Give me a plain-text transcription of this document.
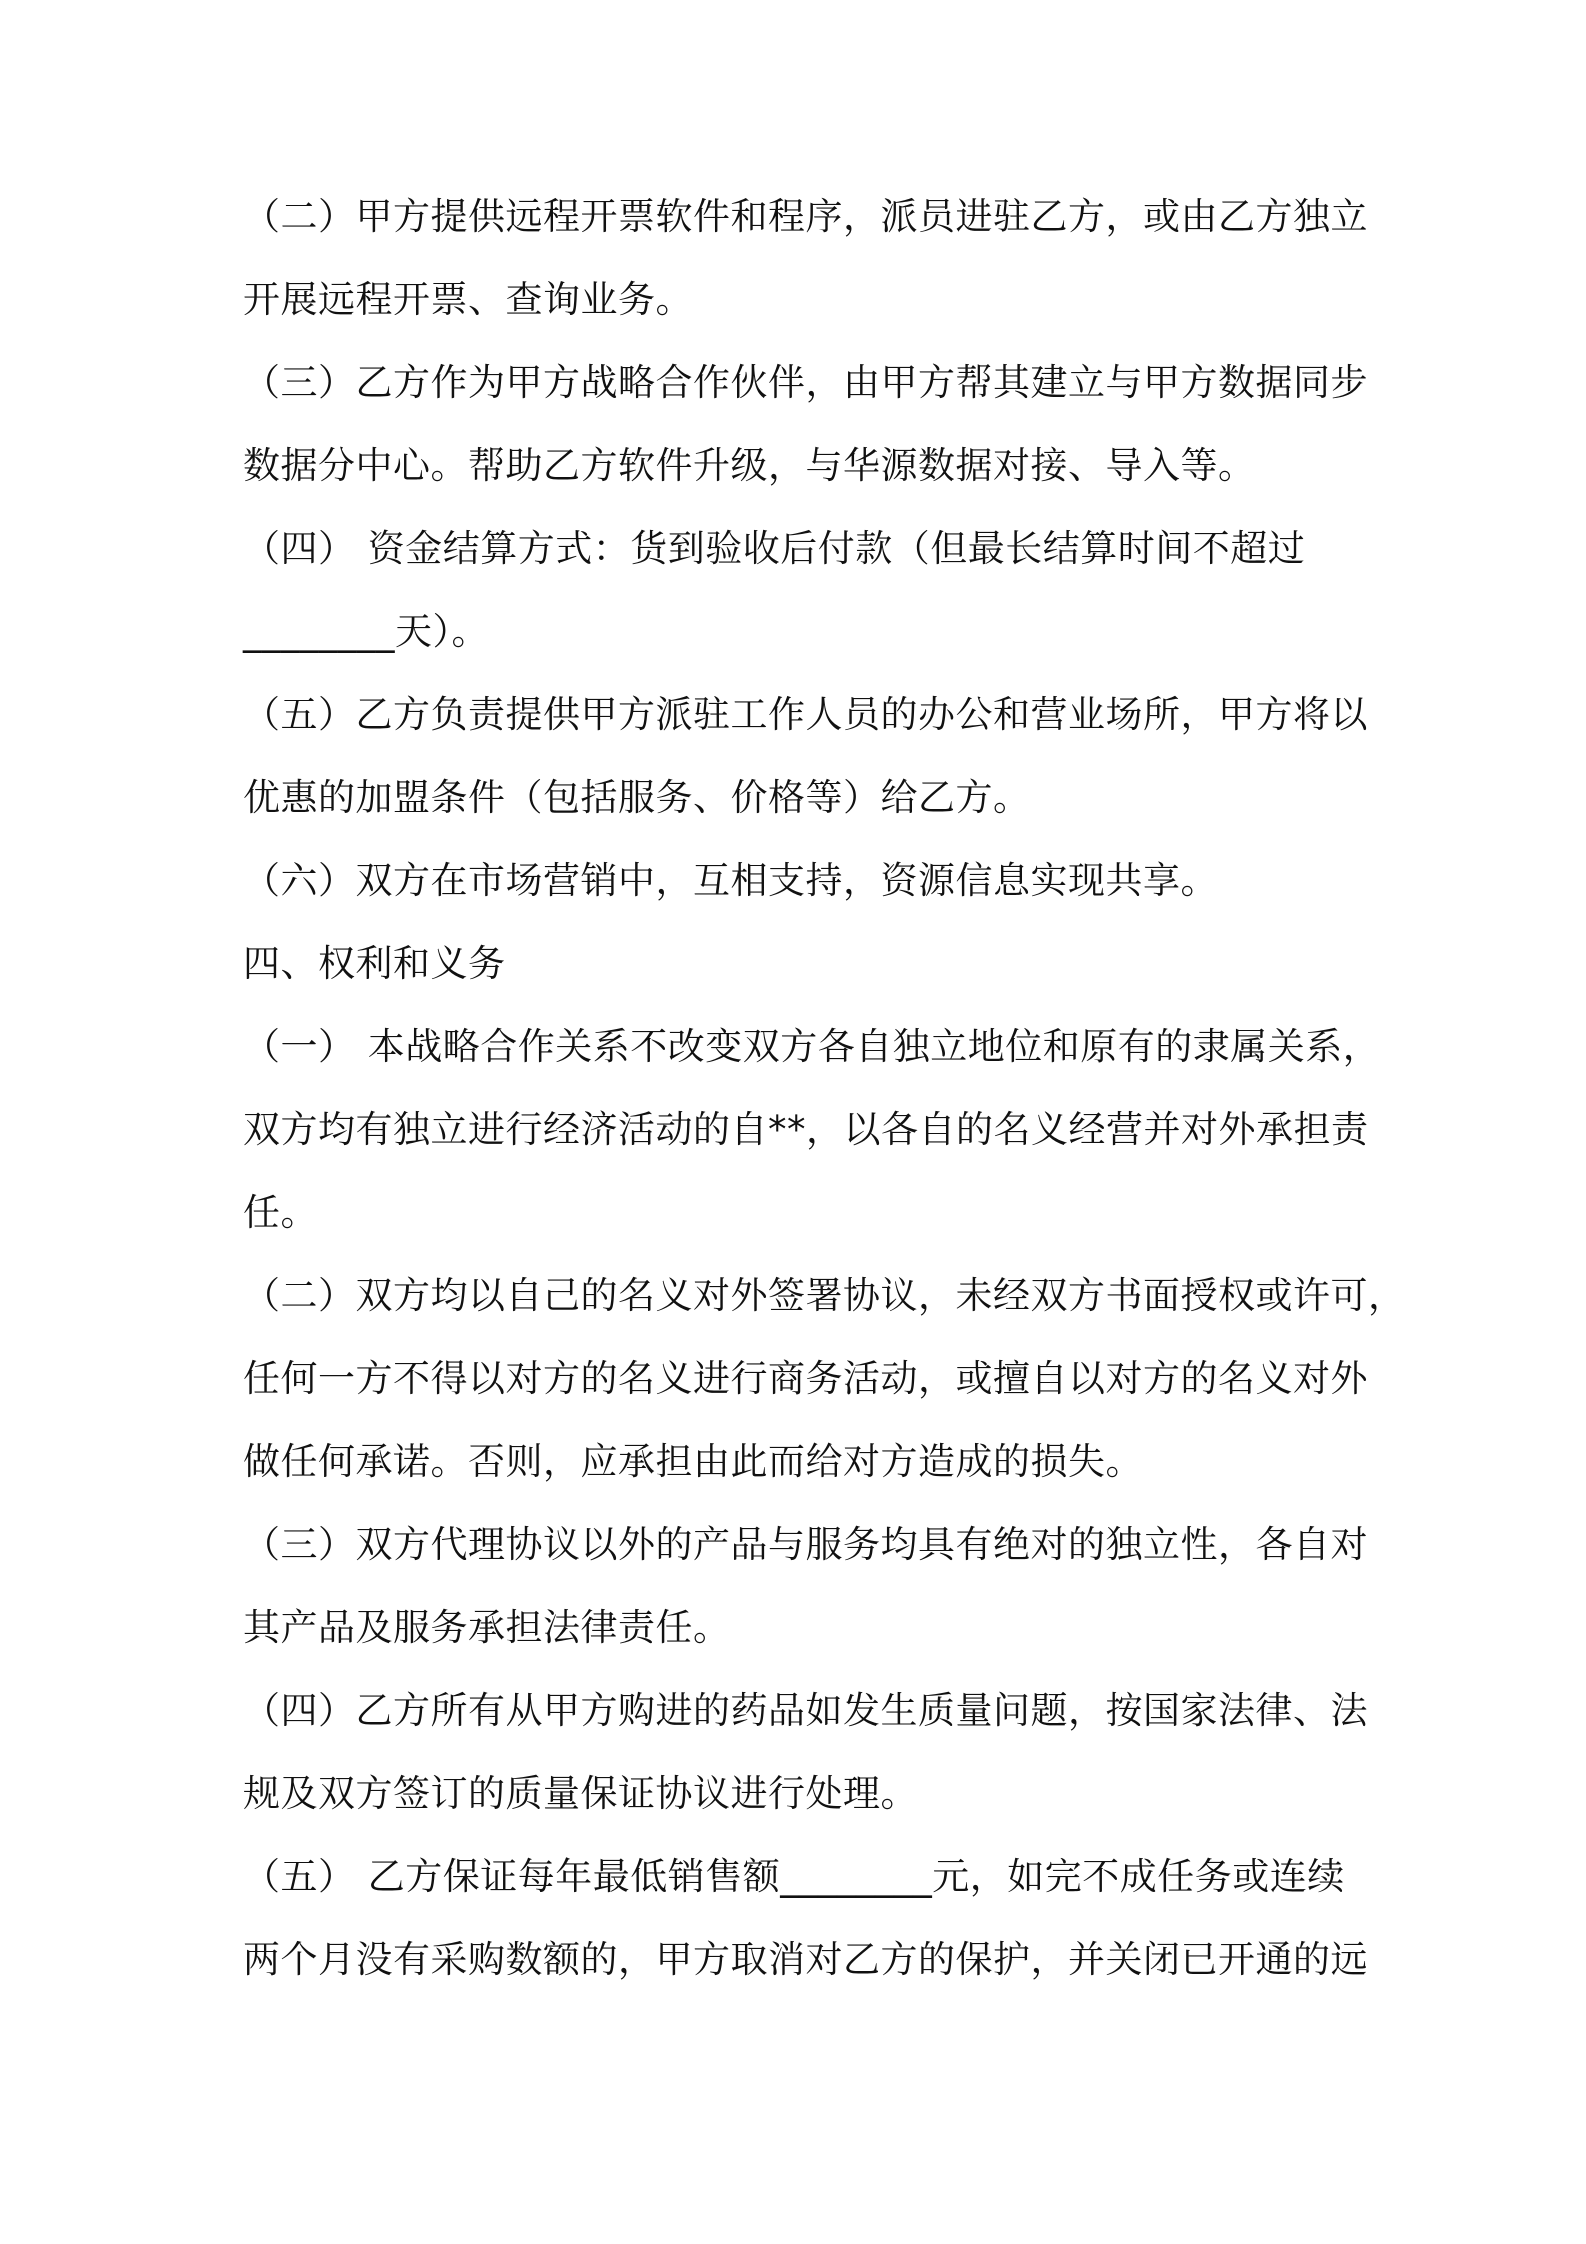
（二）甲方提供远程开票软件和程序，派员进驻乙方，或由乙方独立
开展远程开票、查询业务。
（三）乙方作为甲方战略合作伙伴，由甲方帮其建立与甲方数据同步
数据分中心。帮助乙方软件升级，与华源数据对接、导入等。
（四） 资金结算方式：货到验收后付款（但最长结算时间不超过
________天）。
（五）乙方负责提供甲方派驻工作人员的办公和营业场所，甲方将以
优惠的加盟条件（包括服务、价格等）给乙方。
（六）双方在市场营销中，互相支持，资源信息实现共享。
四、权利和义务
（一） 本战略合作关系不改变双方各自独立地位和原有的隶属关系，
双方均有独立进行经济活动的自**，以各自的名义经营并对外承担责
任。
（二）双方均以自己的名义对外签署协议，未经双方书面授权或许可，
任何一方不得以对方的名义进行商务活动，或擅自以对方的名义对外
做任何承诺。否则，应承担由此而给对方造成的损失。
（三）双方代理协议以外的产品与服务均具有绝对的独立性，各自对
其产品及服务承担法律责任。
（四）乙方所有从甲方购进的药品如发生质量问题，按国家法律、法
规及双方签订的质量保证协议进行处理。
（五） 乙方保证每年最低销售额________元，如完不成任务或连续
两个月没有采购数额的，甲方取消对乙方的保护，并关闭已开通的远
